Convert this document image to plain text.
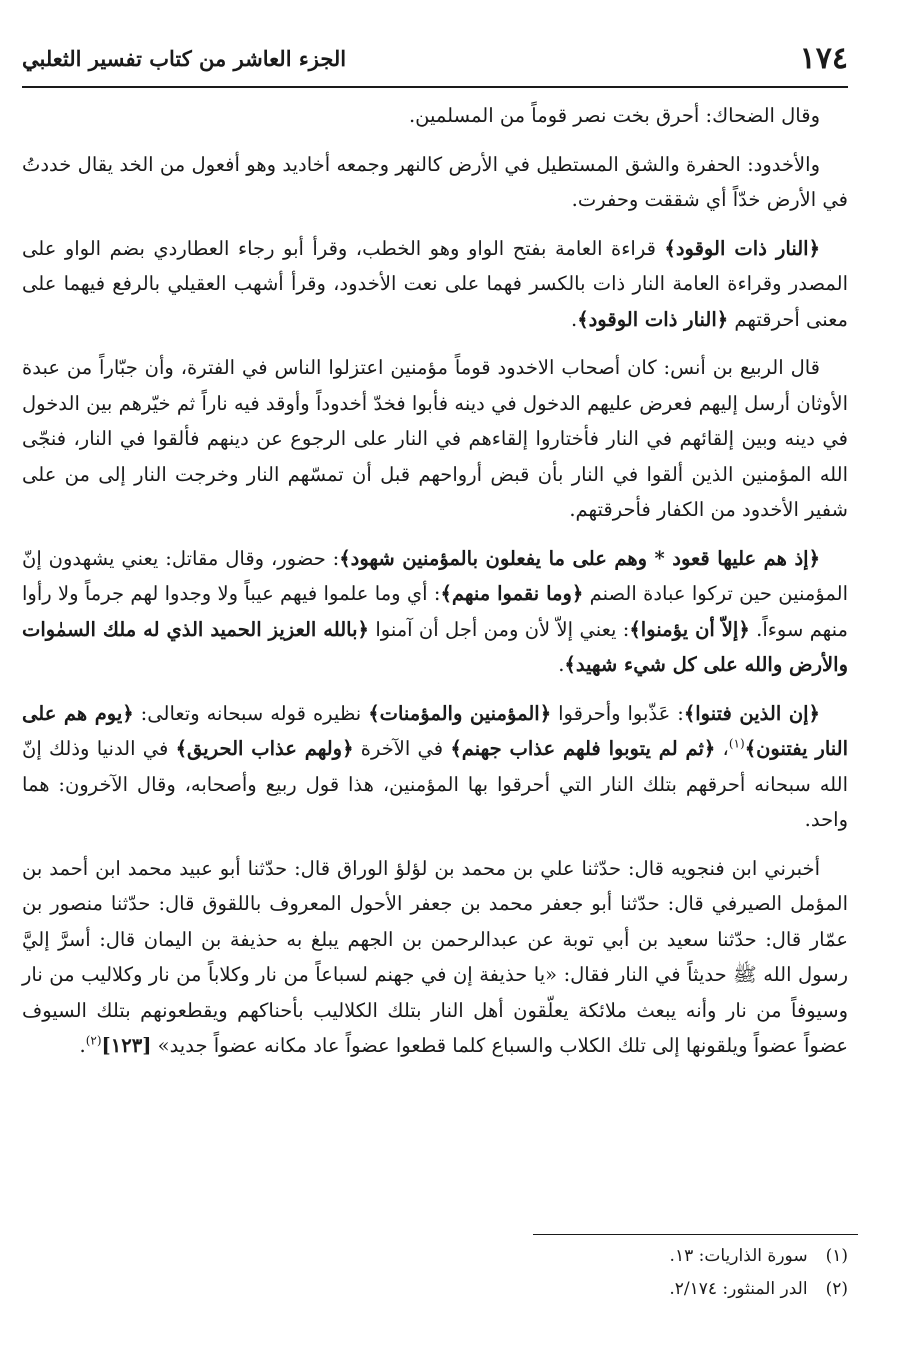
١٧٤
الجزء العاشر من كتاب تفسير الثعلبي

وقال الضحاك: أحرق بخت نصر قوماً من المسلمين.

والأخدود: الحفرة والشق المستطيل في الأرض كالنهر وجمعه أخاديد وهو أفعول من الخد يقال خددتُ في الأرض خدّاً أي شققت وحفرت.

﴿النار ذات الوقود﴾ قراءة العامة بفتح الواو وهو الخطب، وقرأ أبو رجاء العطاردي بضم الواو على المصدر وقراءة العامة النار ذات بالكسر فهما على نعت الأخدود، وقرأ أشهب العقيلي بالرفع فيهما على معنى أحرقتهم ﴿النار ذات الوقود﴾.

قال الربيع بن أنس: كان أصحاب الاخدود قوماً مؤمنين اعتزلوا الناس في الفترة، وأن جبّاراً من عبدة الأوثان أرسل إليهم فعرض عليهم الدخول في دينه فأبوا فخدّ أخدوداً وأوقد فيه ناراً ثم خيّرهم بين الدخول في دينه وبين إلقائهم في النار فأختاروا إلقاءهم في النار على الرجوع عن دينهم فألقوا في النار، فنجّى الله المؤمنين الذين ألقوا في النار بأن قبض أرواحهم قبل أن تمسّهم النار وخرجت النار إلى من على شفير الأخدود من الكفار فأحرقتهم.

﴿إذ هم عليها قعود * وهم على ما يفعلون بالمؤمنين شهود﴾: حضور، وقال مقاتل: يعني يشهدون إنّ المؤمنين حين تركوا عبادة الصنم ﴿وما نقموا منهم﴾: أي وما علموا فيهم عيباً ولا وجدوا لهم جرماً ولا رأوا منهم سوءاً. ﴿إلاّ أن يؤمنوا﴾: يعني إلاّ لأن ومن أجل أن آمنوا ﴿بالله العزيز الحميد الذي له ملك السمٰوات والأرض والله على كل شيء شهيد﴾.

﴿إن الذين فتنوا﴾: عَذّبوا وأحرقوا ﴿المؤمنين والمؤمنات﴾ نظيره قوله سبحانه وتعالى: ﴿يوم هم على النار يفتنون﴾$^{(١)}$، ﴿ثم لم يتوبوا فلهم عذاب جهنم﴾ في الآخرة ﴿ولهم عذاب الحريق﴾ في الدنيا وذلك إنّ الله سبحانه أحرقهم بتلك النار التي أحرقوا بها المؤمنين، هذا قول ربيع وأصحابه، وقال الآخرون: هما واحد.

أخبرني ابن فنجويه قال: حدّثنا علي بن محمد بن لؤلؤ الوراق قال: حدّثنا أبو عبيد محمد ابن أحمد بن المؤمل الصيرفي قال: حدّثنا أبو جعفر محمد بن جعفر الأحول المعروف باللقوق قال: حدّثنا منصور بن عمّار قال: حدّثنا سعيد بن أبي توبة عن عبدالرحمن بن الجهم يبلغ به حذيفة بن اليمان قال: أسرَّ إليَّ رسول الله ﷺ حديثاً في النار فقال: «يا حذيفة إن في جهنم لسباعاً من نار وكلاباً من نار وكلاليب من نار وسيوفاً من نار وأنه يبعث ملائكة يعلّقون أهل النار بتلك الكلاليب بأحناكهم ويقطعونهم بتلك السيوف عضواً عضواً ويلقونها إلى تلك الكلاب والسباع كلما قطعوا عضواً عاد مكانه عضواً جديد» [١٢٣]$^{(٢)}$.

(١)
سورة الذاريات: ١٣.
(٢)
الدر المنثور: ٢/١٧٤.
